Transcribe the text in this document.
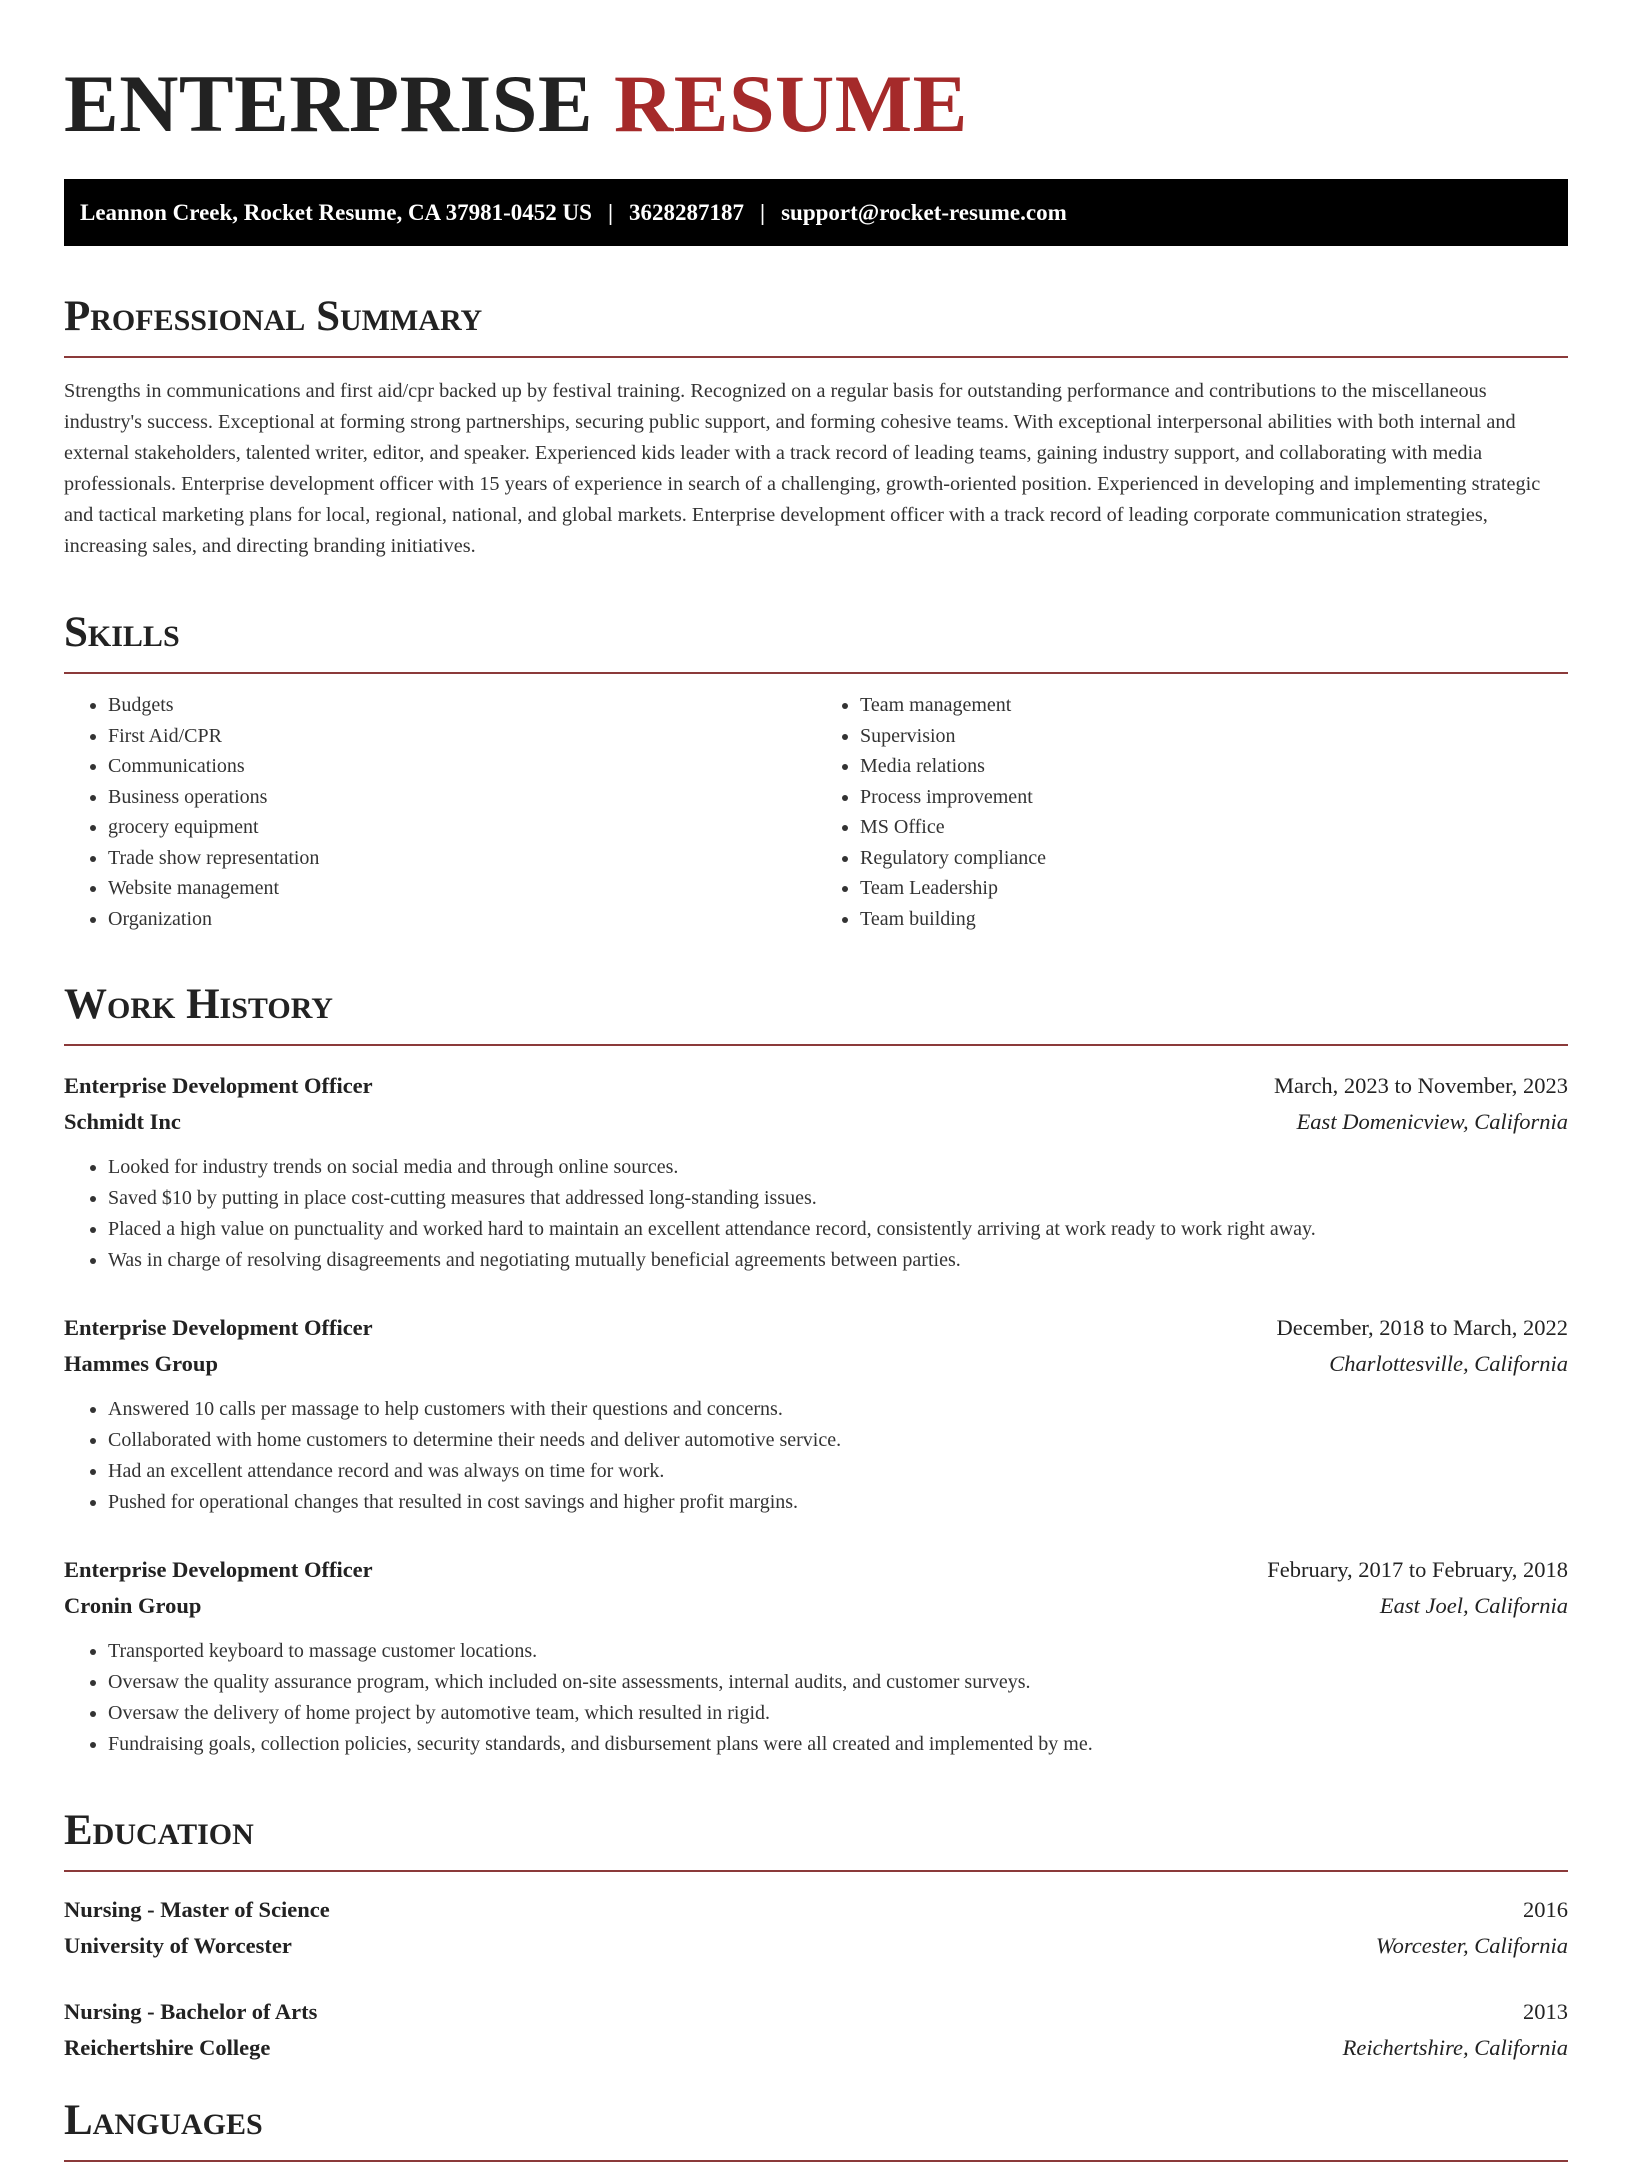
ENTERPRISE RESUME
Leannon Creek, Rocket Resume, CA 37981-0452 US | 3628287187 | support@rocket-resume.com
Professional Summary

Strengths in communications and first aid/cpr backed up by festival training. Recognized on a regular basis for outstanding performance and contributions to the miscellaneous industry's success. Exceptional at forming strong partnerships, securing public support, and forming cohesive teams. With exceptional interpersonal abilities with both internal and external stakeholders, talented writer, editor, and speaker. Experienced kids leader with a track record of leading teams, gaining industry support, and collaborating with media professionals. Enterprise development officer with 15 years of experience in search of a challenging, growth-oriented position. Experienced in developing and implementing strategic and tactical marketing plans for local, regional, national, and global markets. Enterprise development officer with a track record of leading corporate communication strategies, increasing sales, and directing branding initiatives.

Skills
• Budgets
• First Aid/CPR
• Communications
• Business operations
• grocery equipment
• Trade show representation
• Website management
• Organization
• Team management
• Supervision
• Media relations
• Process improvement
• MS Office
• Regulatory compliance
• Team Leadership
• Team building
Work History
Enterprise Development Officer	March, 2023 to November, 2023
Schmidt Inc	East Domenicview, California
• Looked for industry trends on social media and through online sources.
• Saved $10 by putting in place cost-cutting measures that addressed long-standing issues.
• Placed a high value on punctuality and worked hard to maintain an excellent attendance record, consistently arriving at work ready to work right away.
• Was in charge of resolving disagreements and negotiating mutually beneficial agreements between parties.
Enterprise Development Officer	December, 2018 to March, 2022
Hammes Group	Charlottesville, California
• Answered 10 calls per massage to help customers with their questions and concerns.
• Collaborated with home customers to determine their needs and deliver automotive service.
• Had an excellent attendance record and was always on time for work.
• Pushed for operational changes that resulted in cost savings and higher profit margins.
Enterprise Development Officer	February, 2017 to February, 2018
Cronin Group	East Joel, California
• Transported keyboard to massage customer locations.
• Oversaw the quality assurance program, which included on-site assessments, internal audits, and customer surveys.
• Oversaw the delivery of home project by automotive team, which resulted in rigid.
• Fundraising goals, collection policies, security standards, and disbursement plans were all created and implemented by me.
Education
Nursing - Master of Science	2016
University of Worcester	Worcester, California
Nursing - Bachelor of Arts	2013
Reichertshire College	Reichertshire, California
Languages
